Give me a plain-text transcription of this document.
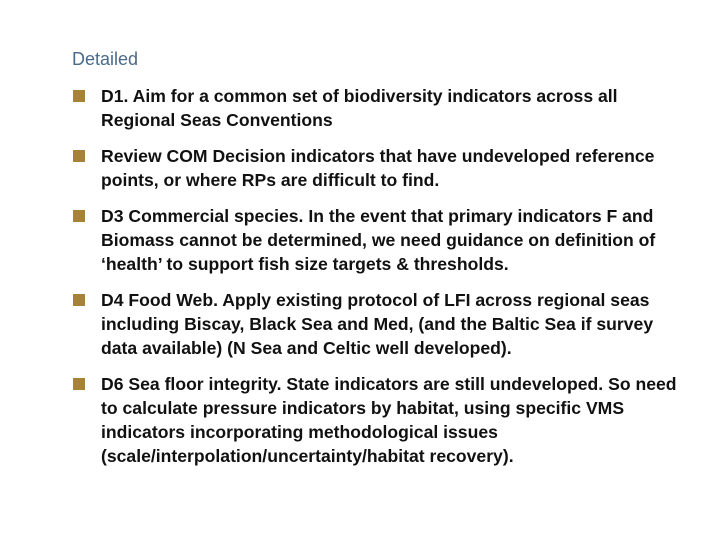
Detailed
D1. Aim for a common set of biodiversity indicators across all Regional Seas Conventions
Review COM Decision indicators that have undeveloped reference points, or where RPs are difficult to find.
D3 Commercial species. In the event that primary indicators F and Biomass cannot be determined, we need guidance on definition of ‘health’ to support fish size targets & thresholds.
D4 Food Web. Apply existing protocol of LFI across regional seas including Biscay, Black Sea and Med, (and the Baltic Sea if survey data available) (N Sea and Celtic well developed).
D6 Sea floor integrity. State indicators are still undeveloped. So need to calculate pressure indicators by habitat, using specific VMS indicators incorporating methodological issues (scale/interpolation/uncertainty/habitat recovery).
